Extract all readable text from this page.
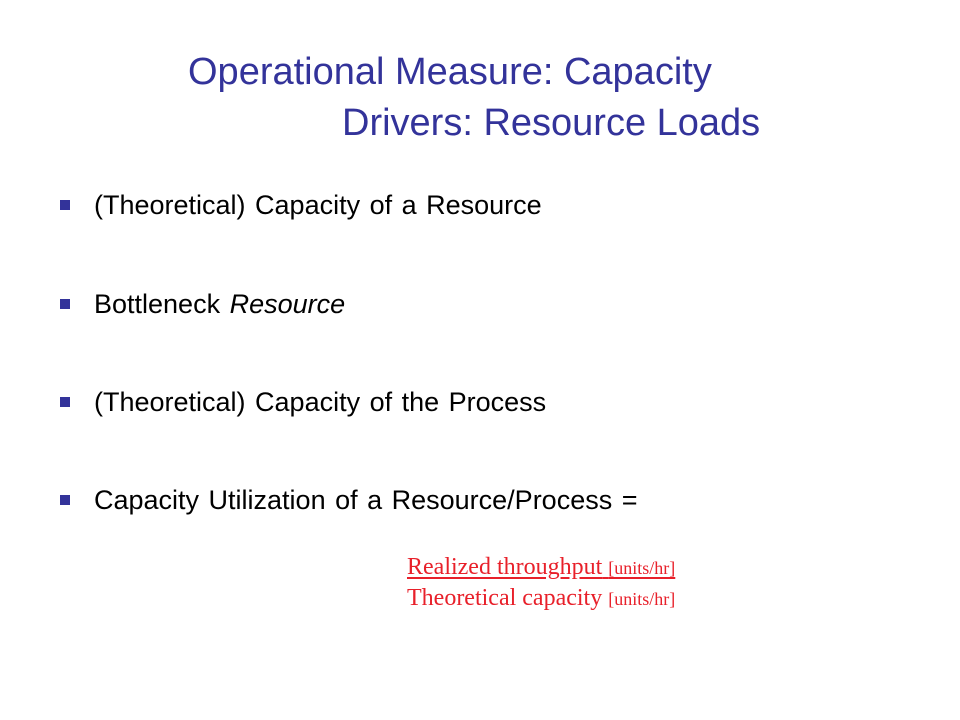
Operational Measure: Capacity
Drivers: Resource Loads
(Theoretical) Capacity of a Resource
Bottleneck Resource
(Theoretical) Capacity of the Process
Capacity Utilization of a Resource/Process =
Realized throughput [units/hr]
Theoretical capacity [units/hr]
